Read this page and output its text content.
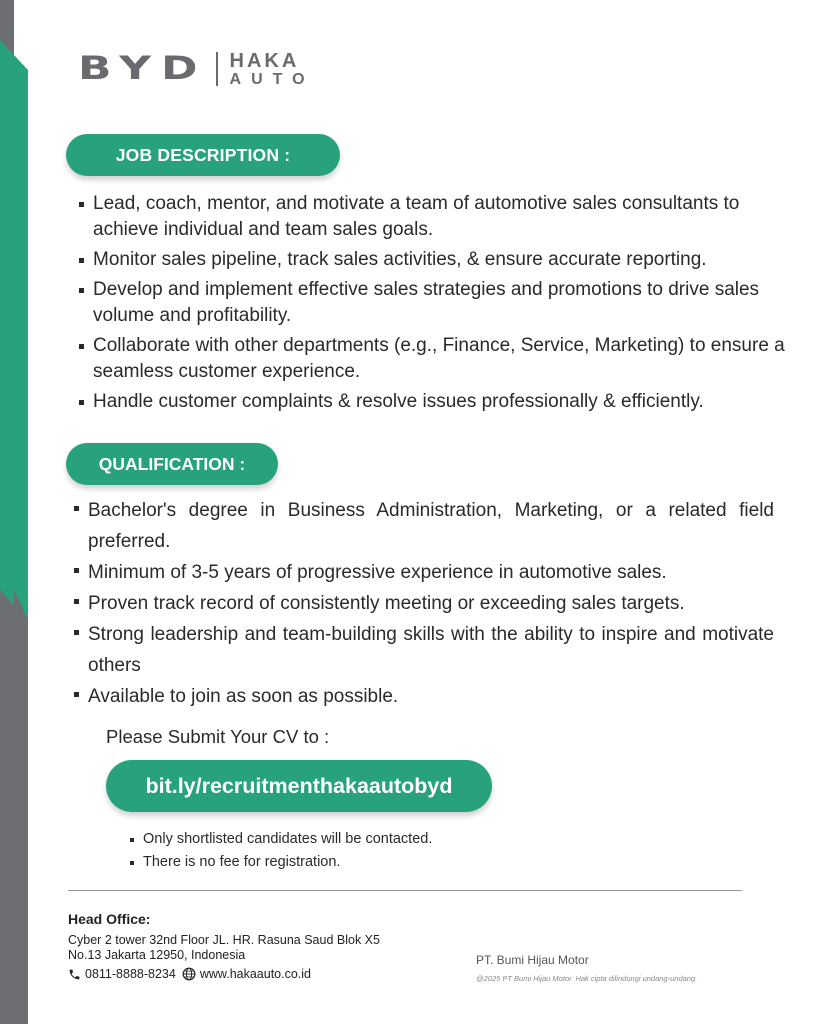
BYD HAKA
AUTO
JOB DESCRIPTION :
Lead, coach, mentor, and motivate a team of automotive sales consultants to achieve individual and team sales goals.
Monitor sales pipeline, track sales activities, & ensure accurate reporting.
Develop and implement effective sales strategies and promotions to drive sales volume and profitability.
Collaborate with other departments (e.g., Finance, Service, Marketing) to ensure a seamless customer experience.
Handle customer complaints & resolve issues professionally & efficiently.
QUALIFICATION :
Bachelor's degree in Business Administration, Marketing, or a related field preferred.
Minimum of 3-5 years of progressive experience in automotive sales.
Proven track record of consistently meeting or exceeding sales targets.
Strong leadership and team-building skills with the ability to inspire and motivate others
Available to join as soon as possible.
Please Submit Your CV to :
bit.ly/recruitmenthakaautobyd
Only shortlisted candidates will be contacted.
There is no fee for registration.
Head Office:
Cyber 2 tower 32nd Floor JL. HR. Rasuna Saud Blok X5 No.13 Jakarta 12950, Indonesia
0811-8888-8234 www.hakaauto.co.id
PT. Bumi Hijau Motor
@2025 PT Bumi Hijau Motor. Hak cipta dilindungi undang-undang.
